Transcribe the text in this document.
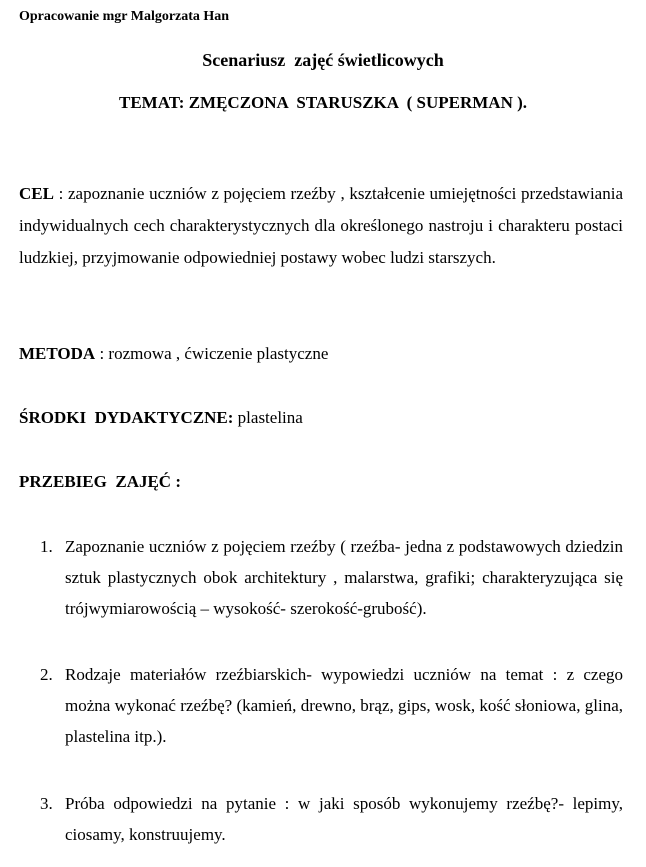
Opracowanie mgr Malgorzata Han
Scenariusz  zajęć świetlicowych
TEMAT: ZMĘCZONA  STARUSZKA  ( SUPERMAN ).
CEL : zapoznanie uczniów z pojęciem rzeźby , kształcenie umiejętności przedstawiania indywidualnych cech charakterystycznych dla określonego nastroju i charakteru postaci ludzkiej, przyjmowanie odpowiedniej postawy wobec ludzi starszych.
METODA : rozmowa , ćwiczenie plastyczne
ŚRODKI  DYDAKTYCZNE: plastelina
PRZEBIEG  ZAJĘĆ :
1. Zapoznanie uczniów z pojęciem rzeźby ( rzeźba- jedna z podstawowych dziedzin sztuk plastycznych obok architektury , malarstwa, grafiki; charakteryzująca się trójwymiarowością – wysokość- szerokość-grubość).
2. Rodzaje materiałów rzeźbiarskich- wypowiedzi uczniów na temat : z czego można wykonać rzeźbę? (kamień, drewno, brąz, gips, wosk, kość słoniowa, glina, plastelina itp.).
3. Próba odpowiedzi na pytanie : w jaki sposób wykonujemy rzeźbę?- lepimy, ciosamy, konstruujemy.
